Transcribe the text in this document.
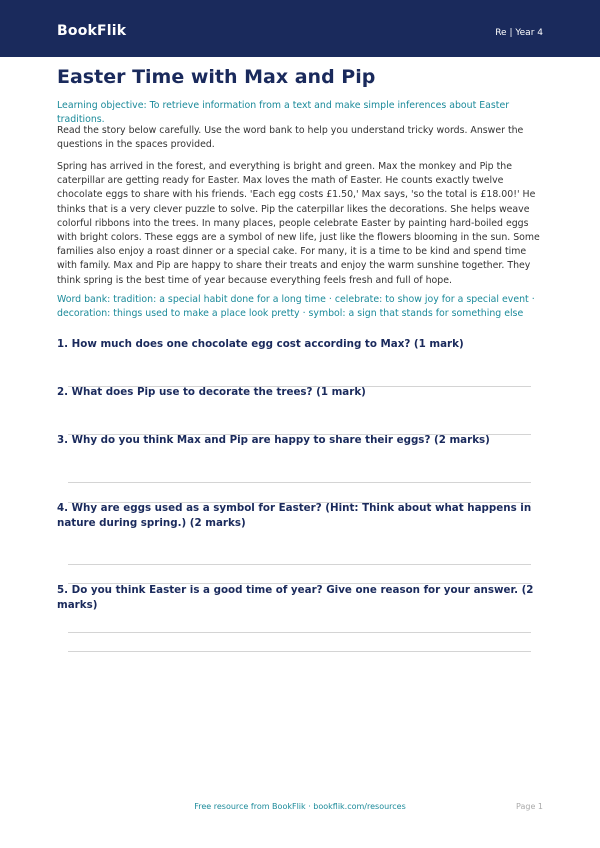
BookFlik	Re | Year 4
Easter Time with Max and Pip

Learning objective: To retrieve information from a text and make simple inferences about Easter traditions.

Read the story below carefully. Use the word bank to help you understand tricky words. Answer the questions in the spaces provided.

Spring has arrived in the forest, and everything is bright and green. Max the monkey and Pip the caterpillar are getting ready for Easter. Max loves the math of Easter. He counts exactly twelve chocolate eggs to share with his friends. 'Each egg costs £1.50,' Max says, 'so the total is £18.00!' He thinks that is a very clever puzzle to solve. Pip the caterpillar likes the decorations. She helps weave colorful ribbons into the trees. In many places, people celebrate Easter by painting hard-boiled eggs with bright colors. These eggs are a symbol of new life, just like the flowers blooming in the sun. Some families also enjoy a roast dinner or a special cake. For many, it is a time to be kind and spend time with family. Max and Pip are happy to share their treats and enjoy the warm sunshine together. They think spring is the best time of year because everything feels fresh and full of hope.

Word bank: tradition: a special habit done for a long time · celebrate: to show joy for a special event · decoration: things used to make a place look pretty · symbol: a sign that stands for something else

1. How much does one chocolate egg cost according to Max? (1 mark)

2. What does Pip use to decorate the trees? (1 mark)

3. Why do you think Max and Pip are happy to share their eggs? (2 marks)

4. Why are eggs used as a symbol for Easter? (Hint: Think about what happens in nature during spring.) (2 marks)

5. Do you think Easter is a good time of year? Give one reason for your answer. (2 marks)

Free resource from BookFlik · bookflik.com/resources	Page 1
